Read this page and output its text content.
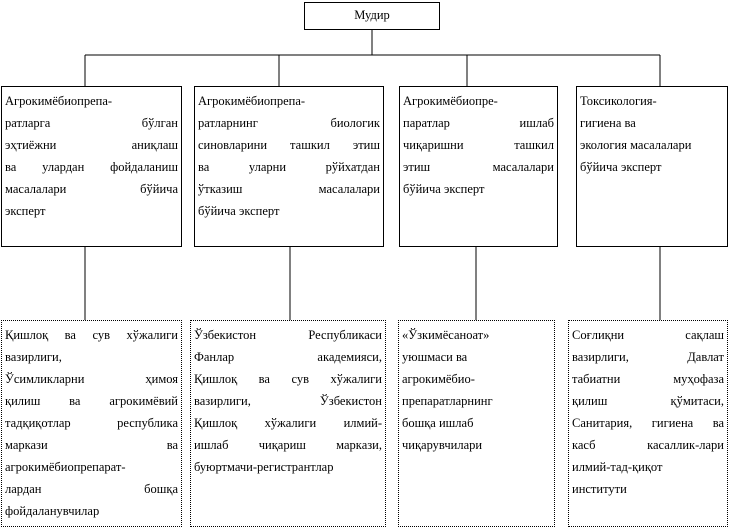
Мудир
Агрокимёбиопрепа-
ратларга бўлган
эҳтиёжни аниқлаш
ва улардан фойдаланиш
масалалари бўйича
эксперт
Агрокимёбиопрепа-
ратларнинг биологик
синовларини ташкил этиш
ва уларни рўйхатдан
ўтказиш масалалари
бўйича эксперт
Агрокимёбиопре-
паратлар ишлаб
чиқаришни ташкил
этиш масалалари
бўйича эксперт
Токсикология-
гигиена ва
экология масалалари
бўйича эксперт
Қишлоқ ва сув хўжалиги
вазирлиги,
Ўсимликларни ҳимоя
қилиш ва агрокимёвий
тадқиқотлар республика
маркази ва
агрокимёбиопрепарат-
лардан бошқа
фойдаланувчилар
Ўзбекистон Республикаси
Фанлар академияси,
Қишлоқ ва сув хўжалиги
вазирлиги, Ўзбекистон
Қишлоқ хўжалиги илмий-
ишлаб чиқариш маркази,
буюртмачи-регистрантлар
«Ўзкимёсаноат»
уюшмаси ва
агрокимёбио-
препаратларнинг
бошқа ишлаб
чиқарувчилари
Соғлиқни сақлаш
вазирлиги, Давлат
табиатни муҳофаза
қилиш қўмитаси,
Санитария, гигиена ва
касб касаллик-лари
илмий-тад-қиқот
институти
